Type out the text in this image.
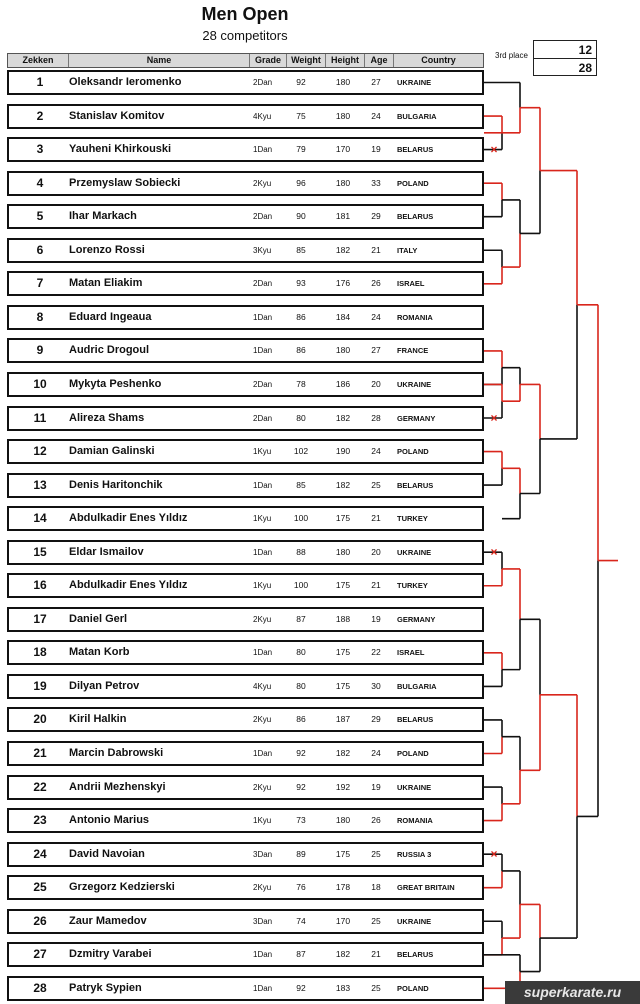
Men Open
28 competitors
Zekken	Name	Grade	Weight	Height	Age	Country
1	Oleksandr Ieromenko	2Dan	92	180	27	UKRAINE
2	Stanislav Komitov	4Kyu	75	180	24	BULGARIA
3	Yauheni Khirkouski	1Dan	79	170	19	BELARUS
4	Przemyslaw Sobiecki	2Kyu	96	180	33	POLAND
5	Ihar Markach	2Dan	90	181	29	BELARUS
6	Lorenzo Rossi	3Kyu	85	182	21	ITALY
7	Matan Eliakim	2Dan	93	176	26	ISRAEL
8	Eduard Ingeaua	1Dan	86	184	24	ROMANIA
9	Audric Drogoul	1Dan	86	180	27	FRANCE
10	Mykyta Peshenko	2Dan	78	186	20	UKRAINE
11	Alireza Shams	2Dan	80	182	28	GERMANY
12	Damian Galinski	1Kyu	102	190	24	POLAND
13	Denis Haritonchik	1Dan	85	182	25	BELARUS
14	Abdulkadir Enes Yıldız	1Kyu	100	175	21	TURKEY
15	Eldar Ismailov	1Dan	88	180	20	UKRAINE
16	Abdulkadir Enes Yıldız	1Kyu	100	175	21	TURKEY
17	Daniel Gerl	2Kyu	87	188	19	GERMANY
18	Matan Korb	1Dan	80	175	22	ISRAEL
19	Dilyan Petrov	4Kyu	80	175	30	BULGARIA
20	Kiril Halkin	2Kyu	86	187	29	BELARUS
21	Marcin Dabrowski	1Dan	92	182	24	POLAND
22	Andrii Mezhenskyi	2Kyu	92	192	19	UKRAINE
23	Antonio Marius	1Kyu	73	180	26	ROMANIA
24	David Navoian	3Dan	89	175	25	RUSSIA 3
25	Grzegorz Kedzierski	2Kyu	76	178	18	GREAT BRITAIN
26	Zaur Mamedov	3Dan	74	170	25	UKRAINE
27	Dzmitry Varabei	1Dan	87	182	21	BELARUS
28	Patryk Sypien	1Dan	92	183	25	POLAND
3rd place	12
28
×
×
×
×
superkarate.ru
